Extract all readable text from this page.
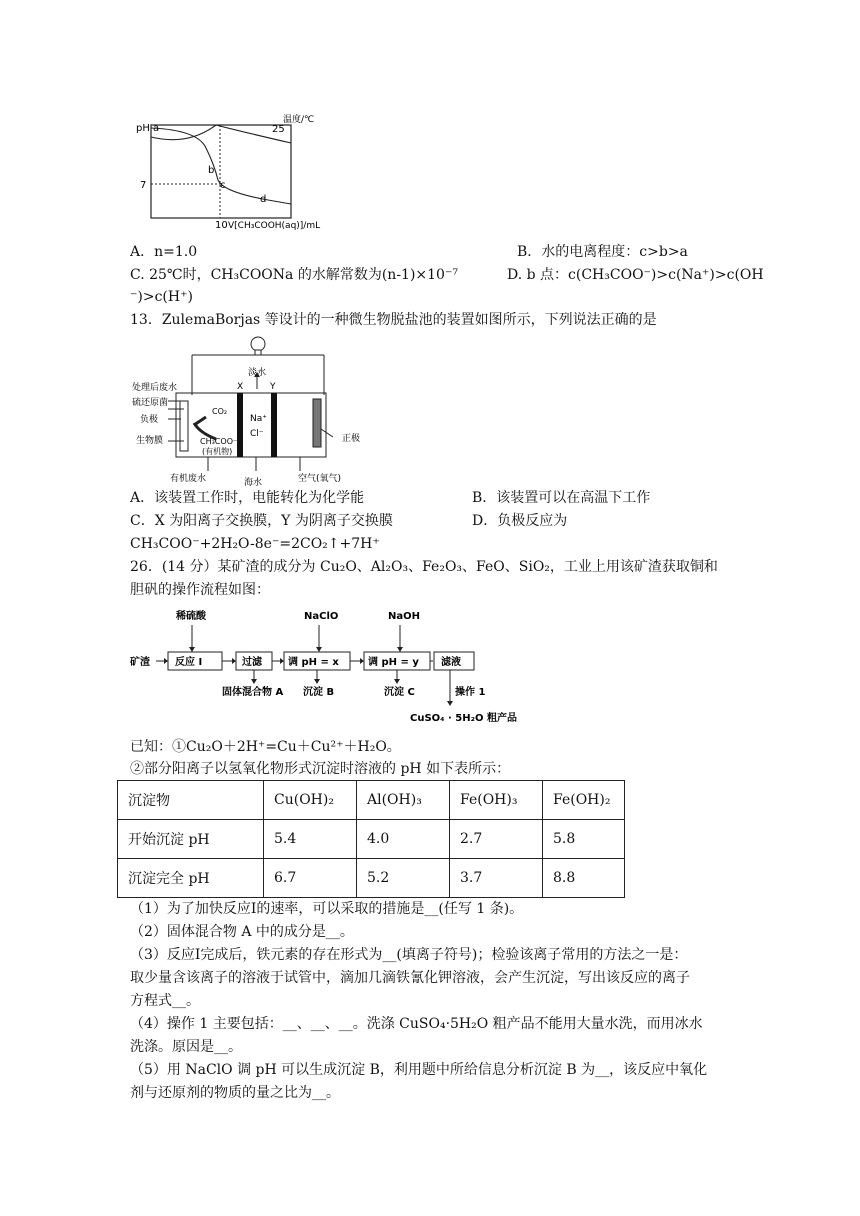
pH a
温度/℃
25
b
c
d
7
10 V[CH₃COOH(aq)]/mL
A．n=1.0	B．水的电离程度：c>b>a
C. 25℃时，CH₃COONa 的水解常数为(n-1)×10⁻⁷	D. b 点：c(CH₃COO⁻)>c(Na⁺)>c(OH
⁻)>c(H⁺)
13．ZulemaBorjas 等设计的一种微生物脱盐池的装置如图所示，下列说法正确的是
处理后废水
硫还原菌
负极
生物膜
淡水
X	Y
CO₂
CH₃COO⁻
(有机物)
Na⁺
Cl⁻	正极
有机废水	海水	空气(氧气)
A．该装置工作时，电能转化为化学能	B．该装置可以在高温下工作
C．X 为阳离子交换膜，Y 为阴离子交换膜	D．负极反应为
CH₃COO⁻+2H₂O-8e⁻=2CO₂↑+7H⁺
26．(14 分）某矿渣的成分为 Cu₂O、Al₂O₃、Fe₂O₃、FeO、SiO₂，工业上用该矿渣获取铜和
胆矾的操作流程如图：
稀硫酸	NaClO	NaOH
矿渣	反应 I	过滤	调 pH = x	调 pH = y 滤液
固体混合物 A 沉淀 B	沉淀 C	操作 1
CuSO₄ · 5H₂O 粗产品
已知：①Cu₂O＋2H⁺=Cu＋Cu²⁺＋H₂O。
②部分阳离子以氢氧化物形式沉淀时溶液的 pH 如下表所示：
沉淀物	Cu(OH)₂	Al(OH)₃	Fe(OH)₃	Fe(OH)₂
开始沉淀 pH	5.4	4.0	2.7	5.8
沉淀完全 pH	6.7	5.2	3.7	8.8
（1）为了加快反应I的速率，可以采取的措施是__(任写 1 条)。
（2）固体混合物 A 中的成分是__。
（3）反应I完成后，铁元素的存在形式为__(填离子符号)；检验该离子常用的方法之一是：
取少量含该离子的溶液于试管中，滴加几滴铁氰化钾溶液，会产生沉淀，写出该反应的离子
方程式__。
（4）操作 1 主要包括：__、__、__。洗涤 CuSO₄·5H₂O 粗产品不能用大量水洗，而用冰水
洗涤。原因是__。
（5）用 NaClO 调 pH 可以生成沉淀 B，利用题中所给信息分析沉淀 B 为__，该反应中氧化
剂与还原剂的物质的量之比为__。
